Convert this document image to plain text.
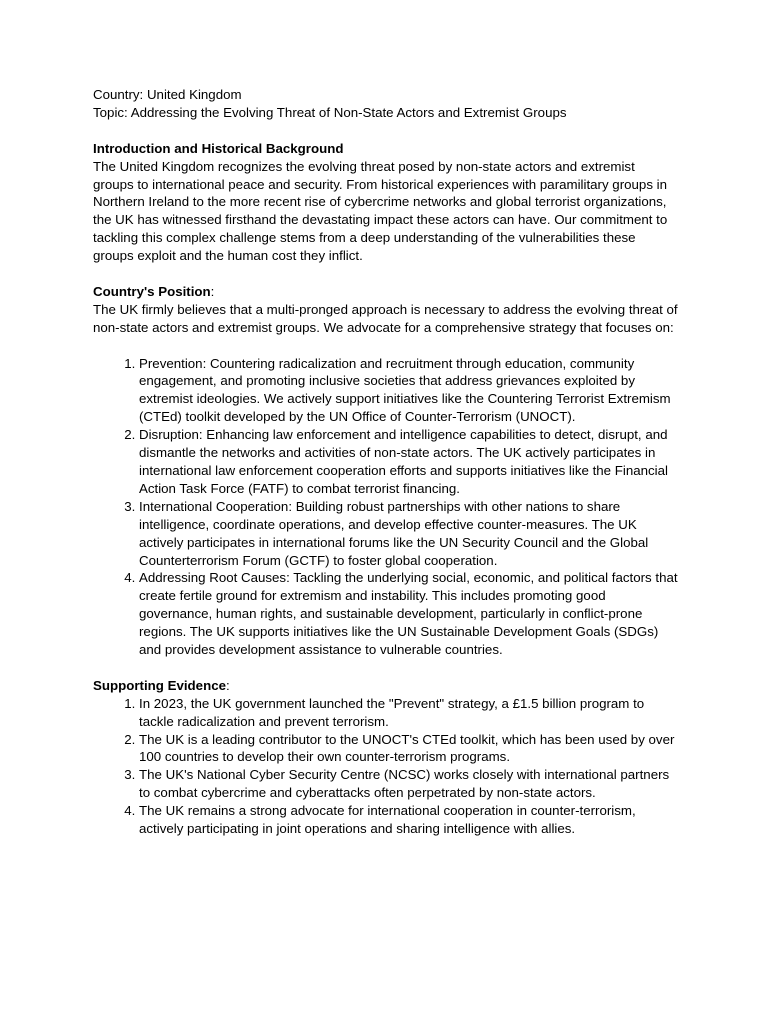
Country: United Kingdom

Topic: Addressing the Evolving Threat of Non-State Actors and Extremist Groups

Introduction and Historical Background

The United Kingdom recognizes the evolving threat posed by non-state actors and extremist groups to international peace and security. From historical experiences with paramilitary groups in Northern Ireland to the more recent rise of cybercrime networks and global terrorist organizations, the UK has witnessed firsthand the devastating impact these actors can have. Our commitment to tackling this complex challenge stems from a deep understanding of the vulnerabilities these groups exploit and the human cost they inflict.

Country's Position:

The UK firmly believes that a multi-pronged approach is necessary to address the evolving threat of non-state actors and extremist groups. We advocate for a comprehensive strategy that focuses on:

1. Prevention: Countering radicalization and recruitment through education, community engagement, and promoting inclusive societies that address grievances exploited by extremist ideologies. We actively support initiatives like the Countering Terrorist Extremism (CTEd) toolkit developed by the UN Office of Counter-Terrorism (UNOCT).
2. Disruption: Enhancing law enforcement and intelligence capabilities to detect, disrupt, and dismantle the networks and activities of non-state actors. The UK actively participates in international law enforcement cooperation efforts and supports initiatives like the Financial Action Task Force (FATF) to combat terrorist financing.
3. International Cooperation: Building robust partnerships with other nations to share intelligence, coordinate operations, and develop effective counter-measures. The UK actively participates in international forums like the UN Security Council and the Global Counterterrorism Forum (GCTF) to foster global cooperation.
4. Addressing Root Causes: Tackling the underlying social, economic, and political factors that create fertile ground for extremism and instability. This includes promoting good governance, human rights, and sustainable development, particularly in conflict-prone regions. The UK supports initiatives like the UN Sustainable Development Goals (SDGs) and provides development assistance to vulnerable countries.

Supporting Evidence:

1. In 2023, the UK government launched the "Prevent" strategy, a £1.5 billion program to tackle radicalization and prevent terrorism.
2. The UK is a leading contributor to the UNOCT's CTEd toolkit, which has been used by over 100 countries to develop their own counter-terrorism programs.
3. The UK's National Cyber Security Centre (NCSC) works closely with international partners to combat cybercrime and cyberattacks often perpetrated by non-state actors.
4. The UK remains a strong advocate for international cooperation in counter-terrorism, actively participating in joint operations and sharing intelligence with allies.
